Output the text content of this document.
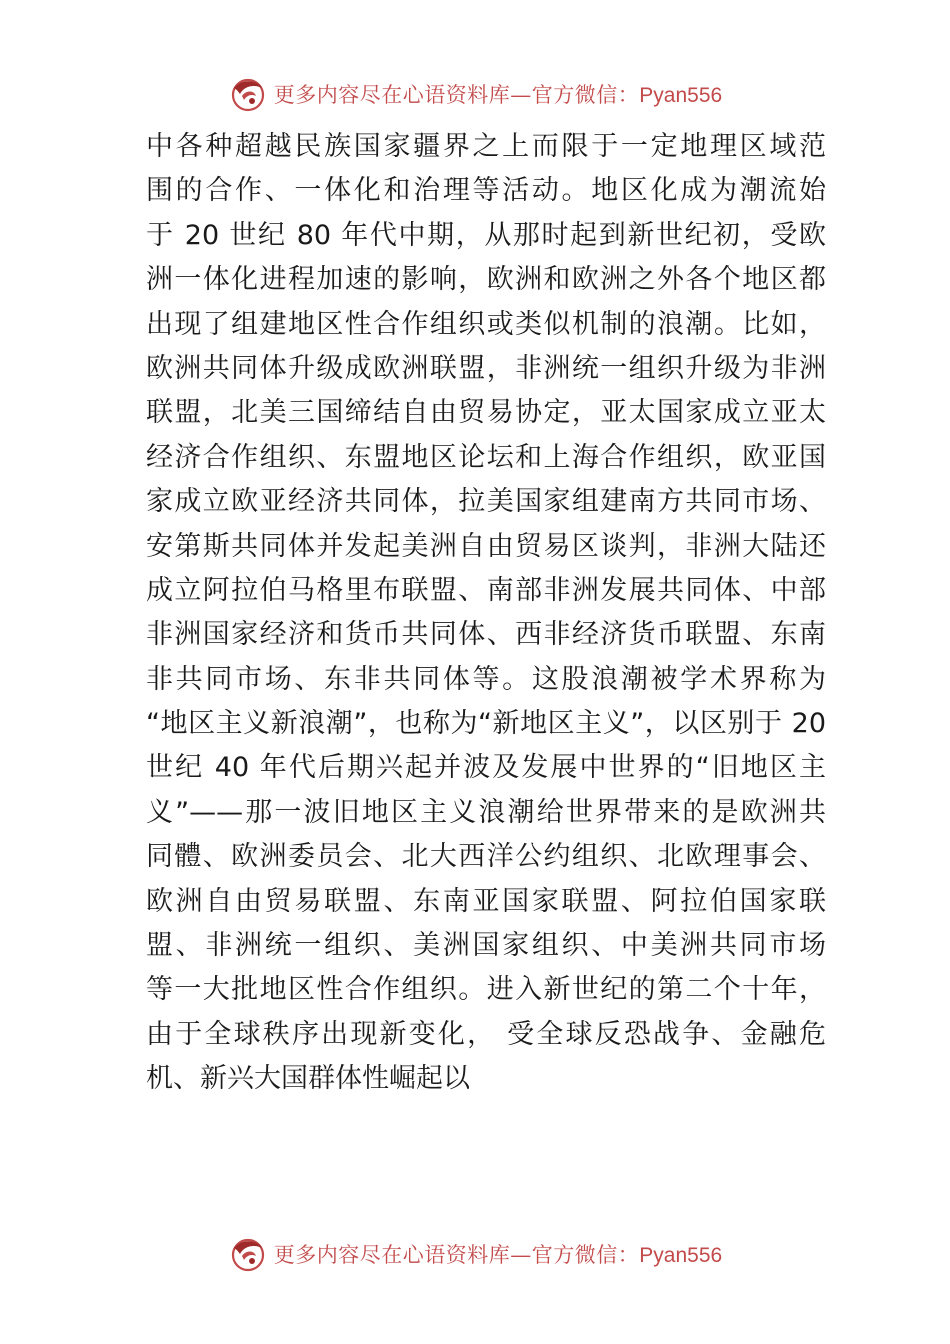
更多内容尽在心语资料库—官方微信：Pyan556
中各种超越民族国家疆界之上而限于一定地理区域范
围的合作、一体化和治理等活动。地区化成为潮流始
于 20 世纪 80 年代中期，从那时起到新世纪初，受欧
洲一体化进程加速的影响，欧洲和欧洲之外各个地区都
出现了组建地区性合作组织或类似机制的浪潮。比如，
欧洲共同体升级成欧洲联盟，非洲统一组织升级为非洲
联盟，北美三国缔结自由贸易协定，亚太国家成立亚太
经济合作组织、东盟地区论坛和上海合作组织，欧亚国
家成立欧亚经济共同体，拉美国家组建南方共同市场、
安第斯共同体并发起美洲自由贸易区谈判，非洲大陆还
成立阿拉伯马格里布联盟、南部非洲发展共同体、中部
非洲国家经济和货币共同体、西非经济货币联盟、东南
非共同市场、东非共同体等。这股浪潮被学术界称为
“地区主义新浪潮”，也称为“新地区主义”，以区别于 20
世纪 40 年代后期兴起并波及发展中世界的“旧地区主
义”——那一波旧地区主义浪潮给世界带来的是欧洲共
同體、欧洲委员会、北大西洋公约组织、北欧理事会、
欧洲自由贸易联盟、东南亚国家联盟、阿拉伯国家联
盟、非洲统一组织、美洲国家组织、中美洲共同市场
等一大批地区性合作组织。进入新世纪的第二个十年，
由于全球秩序出现新变化， 受全球反恐战争、金融危
机、新兴大国群体性崛起以
更多内容尽在心语资料库—官方微信：Pyan556
